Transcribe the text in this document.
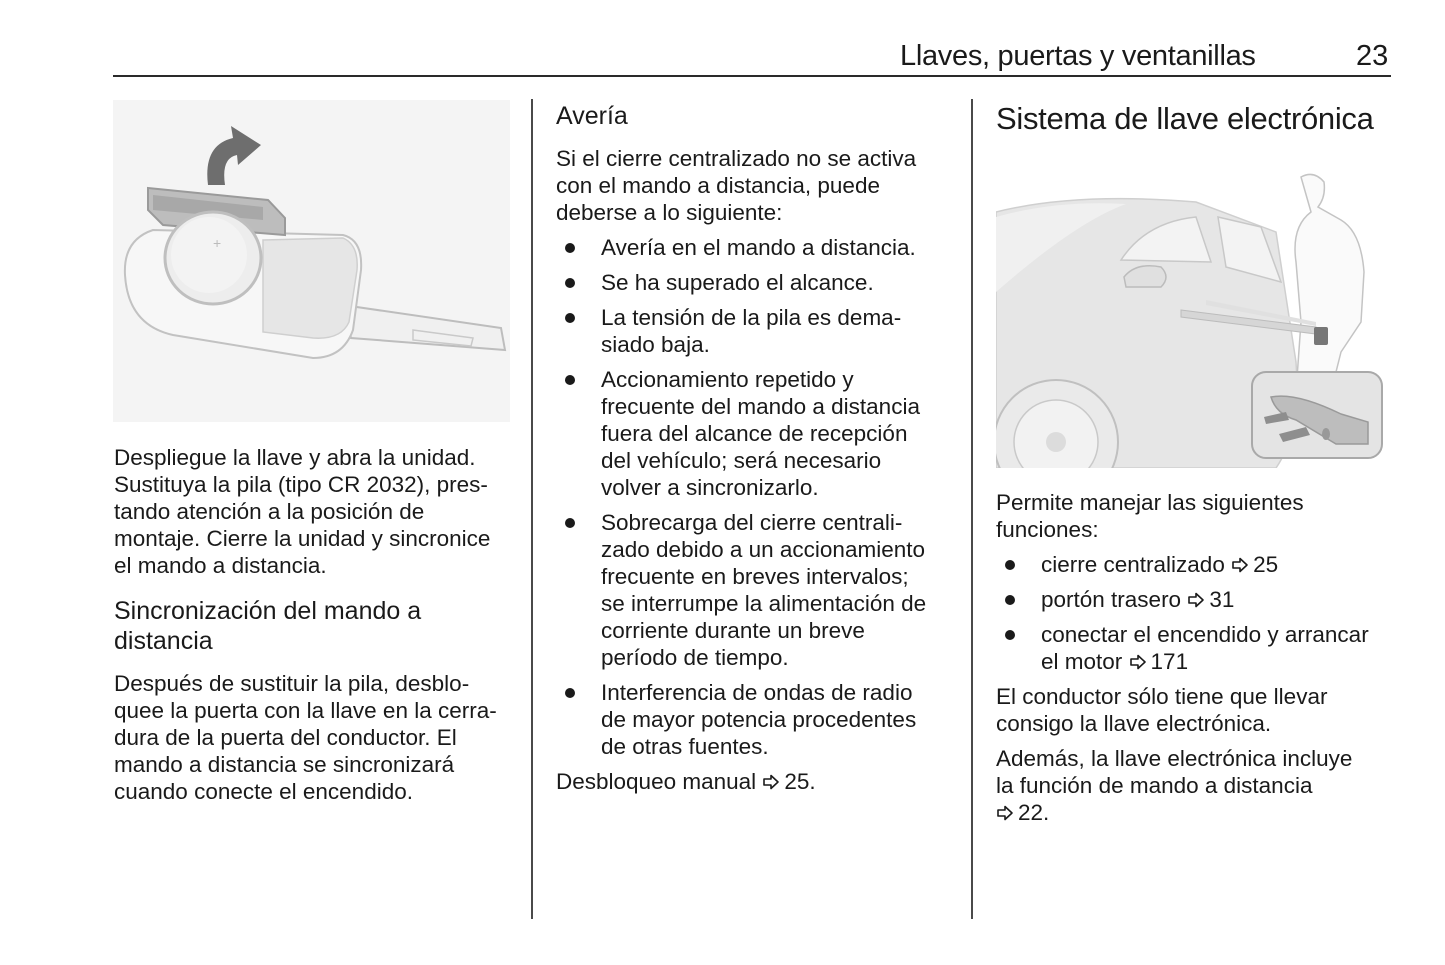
Llaves, puertas y ventanillas	23
+

Despliegue la llave y abra la unidad.
Sustituya la pila (tipo CR 2032), pres-
tando atención a la posición de
montaje. Cierre la unidad y sincronice
el mando a distancia.

Sincronización del mando a
distancia

Después de sustituir la pila, desblo-
quee la puerta con la llave en la cerra-
dura de la puerta del conductor. El
mando a distancia se sincronizará
cuando conecte el encendido.

Avería

Si el cierre centralizado no se activa
con el mando a distancia, puede
deberse a lo siguiente:

Avería en el mando a distancia.
Se ha superado el alcance.
La tensión de la pila es dema-
siado baja.
Accionamiento repetido y
frecuente del mando a distancia
fuera del alcance de recepción
del vehículo; será necesario
volver a sincronizarlo.
Sobrecarga del cierre centrali-
zado debido a un accionamiento
frecuente en breves intervalos;
se interrumpe la alimentación de
corriente durante un breve
período de tiempo.
Interferencia de ondas de radio
de mayor potencia procedentes
de otras fuentes.

Desbloqueo manual 25.

Sistema de llave electrónica

Permite manejar las siguientes
funciones:

cierre centralizado 25
portón trasero 31
conectar el encendido y arrancar
el motor 171

El conductor sólo tiene que llevar
consigo la llave electrónica.

Además, la llave electrónica incluye
la función de mando a distancia
22.
